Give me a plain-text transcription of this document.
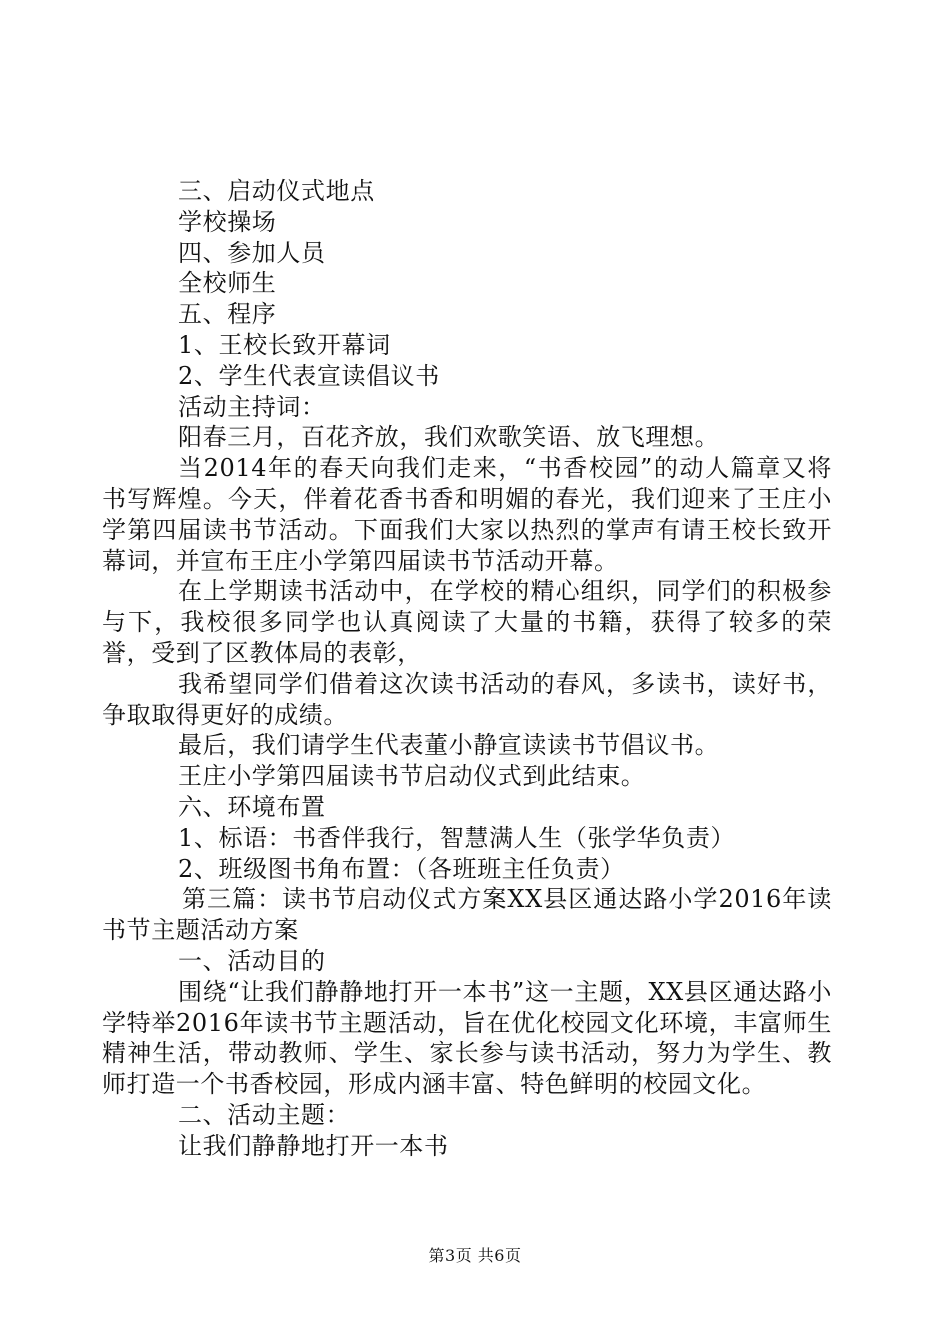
三、启动仪式地点
学校操场
四、参加人员
全校师生
五、程序
1、王校长致开幕词
2、学生代表宣读倡议书
活动主持词：
阳春三月，百花齐放，我们欢歌笑语、放飞理想。
当2014年的春天向我们走来，“书香校园”的动人篇章又将书写辉煌。今天，伴着花香书香和明媚的春光，我们迎来了王庄小学第四届读书节活动。下面我们大家以热烈的掌声有请王校长致开幕词，并宣布王庄小学第四届读书节活动开幕。
在上学期读书活动中，在学校的精心组织，同学们的积极参与下，我校很多同学也认真阅读了大量的书籍，获得了较多的荣誉，受到了区教体局的表彰，
我希望同学们借着这次读书活动的春风，多读书，读好书，争取取得更好的成绩。
最后，我们请学生代表董小静宣读读书节倡议书。
王庄小学第四届读书节启动仪式到此结束。
六、环境布置
1、标语：书香伴我行，智慧满人生（张学华负责）
2、班级图书角布置：（各班班主任负责）
第三篇：读书节启动仪式方案XX县区通达路小学2016年读书节主题活动方案
一、活动目的
围绕“让我们静静地打开一本书”这一主题，XX县区通达路小学特举2016年读书节主题活动，旨在优化校园文化环境，丰富师生精神生活，带动教师、学生、家长参与读书活动，努力为学生、教师打造一个书香校园，形成内涵丰富、特色鲜明的校园文化。
二、活动主题：
让我们静静地打开一本书
第3页 共6页
